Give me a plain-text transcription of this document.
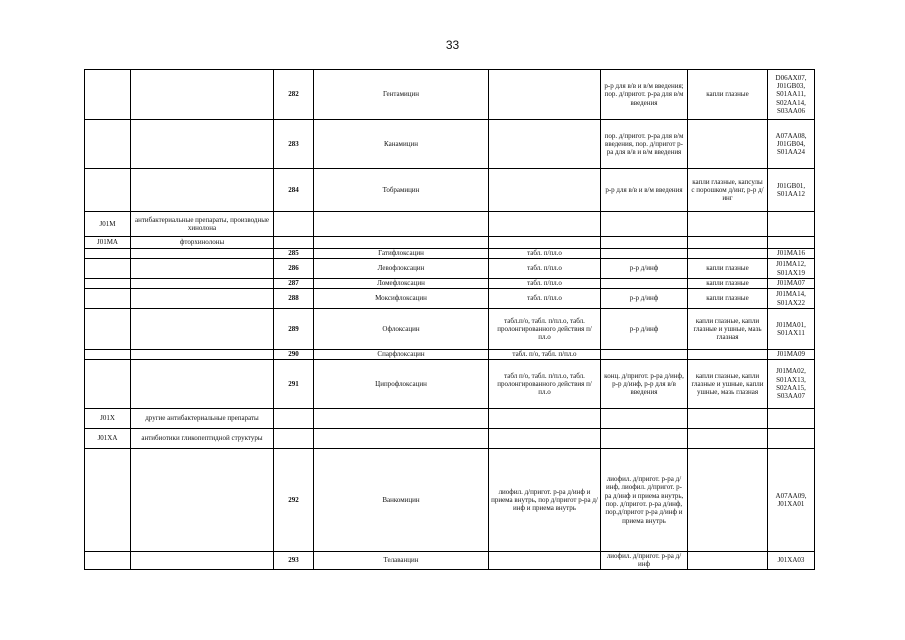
33
		282	Гентамицин		р-р для в/в и в/м введения; пор. д/пригот. р-ра для в/м введения	капли глазные	D06AX07, J01GB03, S01AA11, S02AA14, S03AA06
		283	Канамицин		пор. д/пригот. р-ра для в/м введения, пор. д/пригот р-ра для в/в и в/м введения		A07AA08, J01GB04, S01AA24
		284	Тобрамицин		р-р для в/в и в/м введения	капли глазные, капсулы с порошком д/инг, р-р д/инг	J01GB01, S01AA12
J01M	антибактериальные препараты, производные хинолона						
J01MA	фторхинолоны						
		285	Гатифлоксацин	табл. п/пл.о			J01MA16
		286	Левофлоксацин	табл. п/пл.о	р-р д/инф	капли глазные	J01MA12, S01AX19
		287	Ломефлоксацин	табл. п/пл.о		капли глазные	J01MA07
		288	Моксифлоксацин	табл. п/пл.о	р-р д/инф	капли глазные	J01MA14, S01AX22
		289	Офлоксацин	табл.п/о, табл. п/пл.о, табл. пролонгированного действия п/пл.о	р-р д/инф	капли глазные, капли глазные и ушные, мазь глазная	J01MA01, S01AX11
		290	Спарфлоксацин	табл. п/о, табл. п/пл.о			J01MA09
		291	Ципрофлоксацин	табл п/о, табл. п/пл.о, табл. пролонгированного действия п/пл.о	конц. д/пригот. р-ра д/инф, р-р д/инф, р-р для в/в введения	капли глазные, капли глазные и ушные, капли ушные, мазь глазная	J01MA02, S01AX13, S02AA15, S03AA07
J01X	другие антибактериальные препараты						
J01XA	антибиотики гликопептидной структуры						
		292	Ванкомицин	лиофил. д/пригот. р-ра д/инф и приема внутрь, пор д/пригот р-ра д/инф и приема внутрь	лиофил. д/пригот. р-ра д/инф, лиофил. д/пригот. р-ра д/инф и приема внутрь, пор. д/пригот. р-ра д/инф, пор.д/пригот р-ра д/инф и приема внутрь		A07AA09, J01XA01
		293	Телаванцин		лиофил. д/пригот. р-ра д/инф		J01XA03
